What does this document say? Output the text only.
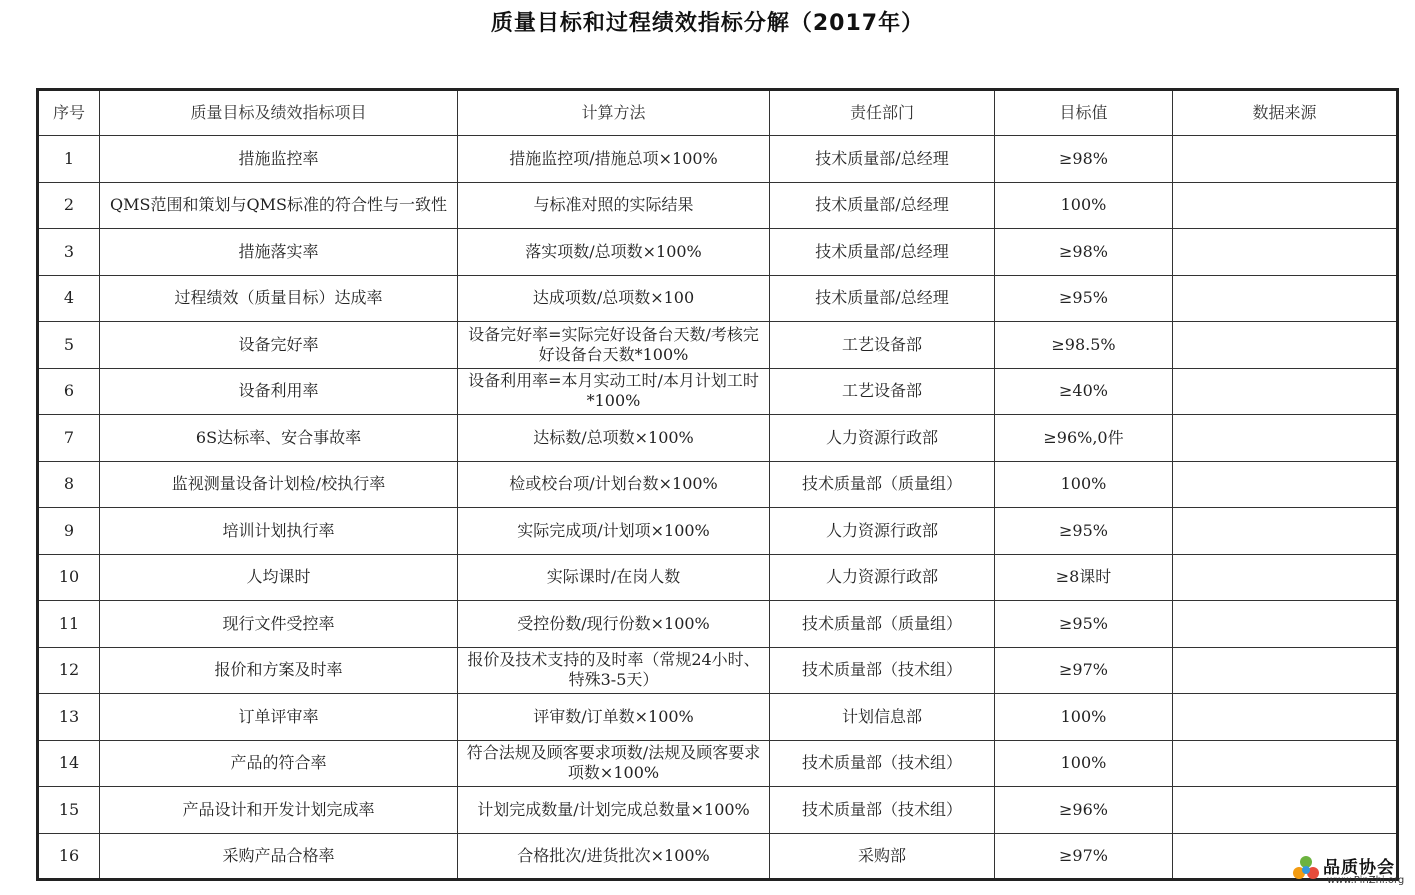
质量目标和过程绩效指标分解（2017年）
序号	质量目标及绩效指标项目	计算方法	责任部门	目标值	数据来源
1	措施监控率	措施监控项/措施总项×100%	技术质量部/总经理	≥98%	
2	QMS范围和策划与QMS标准的符合性与一致性	与标准对照的实际结果	技术质量部/总经理	100%	
3	措施落实率	落实项数/总项数×100%	技术质量部/总经理	≥98%	
4	过程绩效（质量目标）达成率	达成项数/总项数×100	技术质量部/总经理	≥95%	
5	设备完好率	设备完好率=实际完好设备台天数/考核完好设备台天数*100%	工艺设备部	≥98.5%	
6	设备利用率	设备利用率=本月实动工时/本月计划工时*100%	工艺设备部	≥40%	
7	6S达标率、安合事故率	达标数/总项数×100%	人力资源行政部	≥96%,0件	
8	监视测量设备计划检/校执行率	检或校台项/计划台数×100%	技术质量部（质量组）	100%	
9	培训计划执行率	实际完成项/计划项×100%	人力资源行政部	≥95%	
10	人均课时	实际课时/在岗人数	人力资源行政部	≥8课时	
11	现行文件受控率	受控份数/现行份数×100%	技术质量部（质量组）	≥95%	
12	报价和方案及时率	报价及技术支持的及时率（常规24小时、特殊3-5天）	技术质量部（技术组）	≥97%	
13	订单评审率	评审数/订单数×100%	计划信息部	100%	
14	产品的符合率	符合法规及顾客要求项数/法规及顾客要求项数×100%	技术质量部（技术组）	100%	
15	产品设计和开发计划完成率	计划完成数量/计划完成总数量×100%	技术质量部（技术组）	≥96%	
16	采购产品合格率	合格批次/进货批次×100%	采购部	≥97%	
品质协会
www.PinZhi.org
